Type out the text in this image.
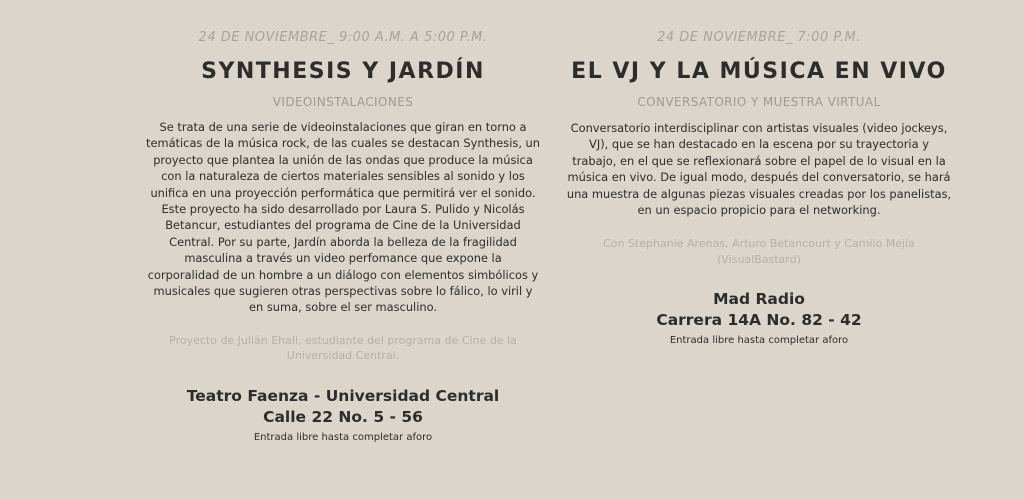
24 DE NOVIEMBRE_ 9:00 A.M. A 5:00 P.M.
SYNTHESIS Y JARDÍN
VIDEOINSTALACIONES
Se trata de una serie de videoinstalaciones que giran en torno a
temáticas de la música rock, de las cuales se destacan Synthesis, un
proyecto que plantea la unión de las ondas que produce la música
con la naturaleza de ciertos materiales sensibles al sonido y los
unifica en una proyección performática que permitirá ver el sonido.
Este proyecto ha sido desarrollado por Laura S. Pulido y Nicolás
Betancur, estudiantes del programa de Cine de la Universidad
Central. Por su parte, Jardín aborda la belleza de la fragilidad
masculina a través un video perfomance que expone la
corporalidad de un hombre a un diálogo con elementos simbólicos y
musicales que sugieren otras perspectivas sobre lo fálico, lo viril y
en suma, sobre el ser masculino.
Proyecto de Julián Ehali, estudiante del programa de Cine de la
Universidad Central.
Teatro Faenza - Universidad Central
Calle 22 No. 5 - 56
Entrada libre hasta completar aforo
24 DE NOVIEMBRE_ 7:00 P.M.
EL VJ Y LA MÚSICA EN VIVO
CONVERSATORIO Y MUESTRA VIRTUAL
Conversatorio interdisciplinar con artistas visuales (video jockeys,
VJ), que se han destacado en la escena por su trayectoria y
trabajo, en el que se reflexionará sobre el papel de lo visual en la
música en vivo. De igual modo, después del conversatorio, se hará
una muestra de algunas piezas visuales creadas por los panelistas,
en un espacio propicio para el networking.
Con Stephanie Arenas, Arturo Betancourt y Camilo Mejía
(VisualBastard)
Mad Radio
Carrera 14A No. 82 - 42
Entrada libre hasta completar aforo
